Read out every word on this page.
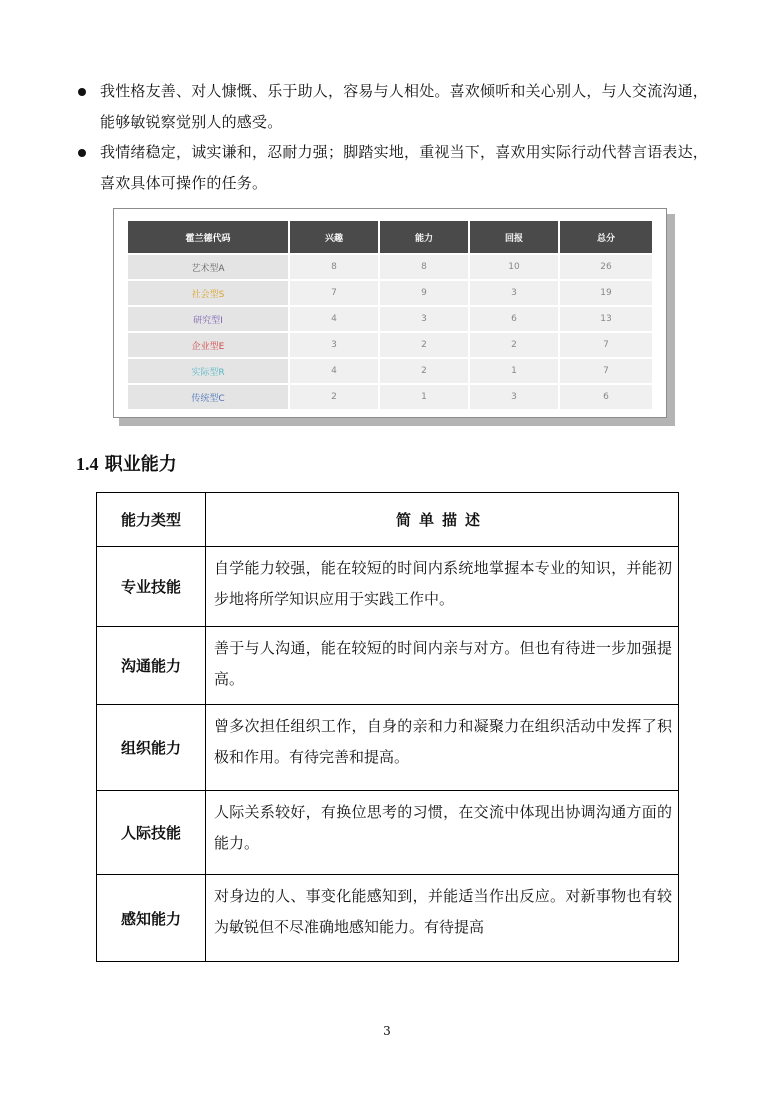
我性格友善、对人慷慨、乐于助人，容易与人相处。喜欢倾听和关心别人，与人交流沟通，能够敏锐察觉别人的感受。
我情绪稳定，诚实谦和，忍耐力强；脚踏实地，重视当下，喜欢用实际行动代替言语表达，喜欢具体可操作的任务。
霍兰德代码	兴趣	能力	回报	总分
艺术型A	8	8	10	26
社会型S	7	9	3	19
研究型I	4	3	6	13
企业型E	3	2	2	7
实际型R	4	2	1	7
传统型C	2	1	3	6
1.4 职业能力
能力类型	简单描述
专业技能	自学能力较强，能在较短的时间内系统地掌握本专业的知识，并能初步地将所学知识应用于实践工作中。
沟通能力	善于与人沟通，能在较短的时间内亲与对方。但也有待进一步加强提高。
组织能力	曾多次担任组织工作，自身的亲和力和凝聚力在组织活动中发挥了积极和作用。有待完善和提高。
人际技能	人际关系较好，有换位思考的习惯，在交流中体现出协调沟通方面的能力。
感知能力	对身边的人、事变化能感知到，并能适当作出反应。对新事物也有较为敏锐但不尽准确地感知能力。有待提高
3
